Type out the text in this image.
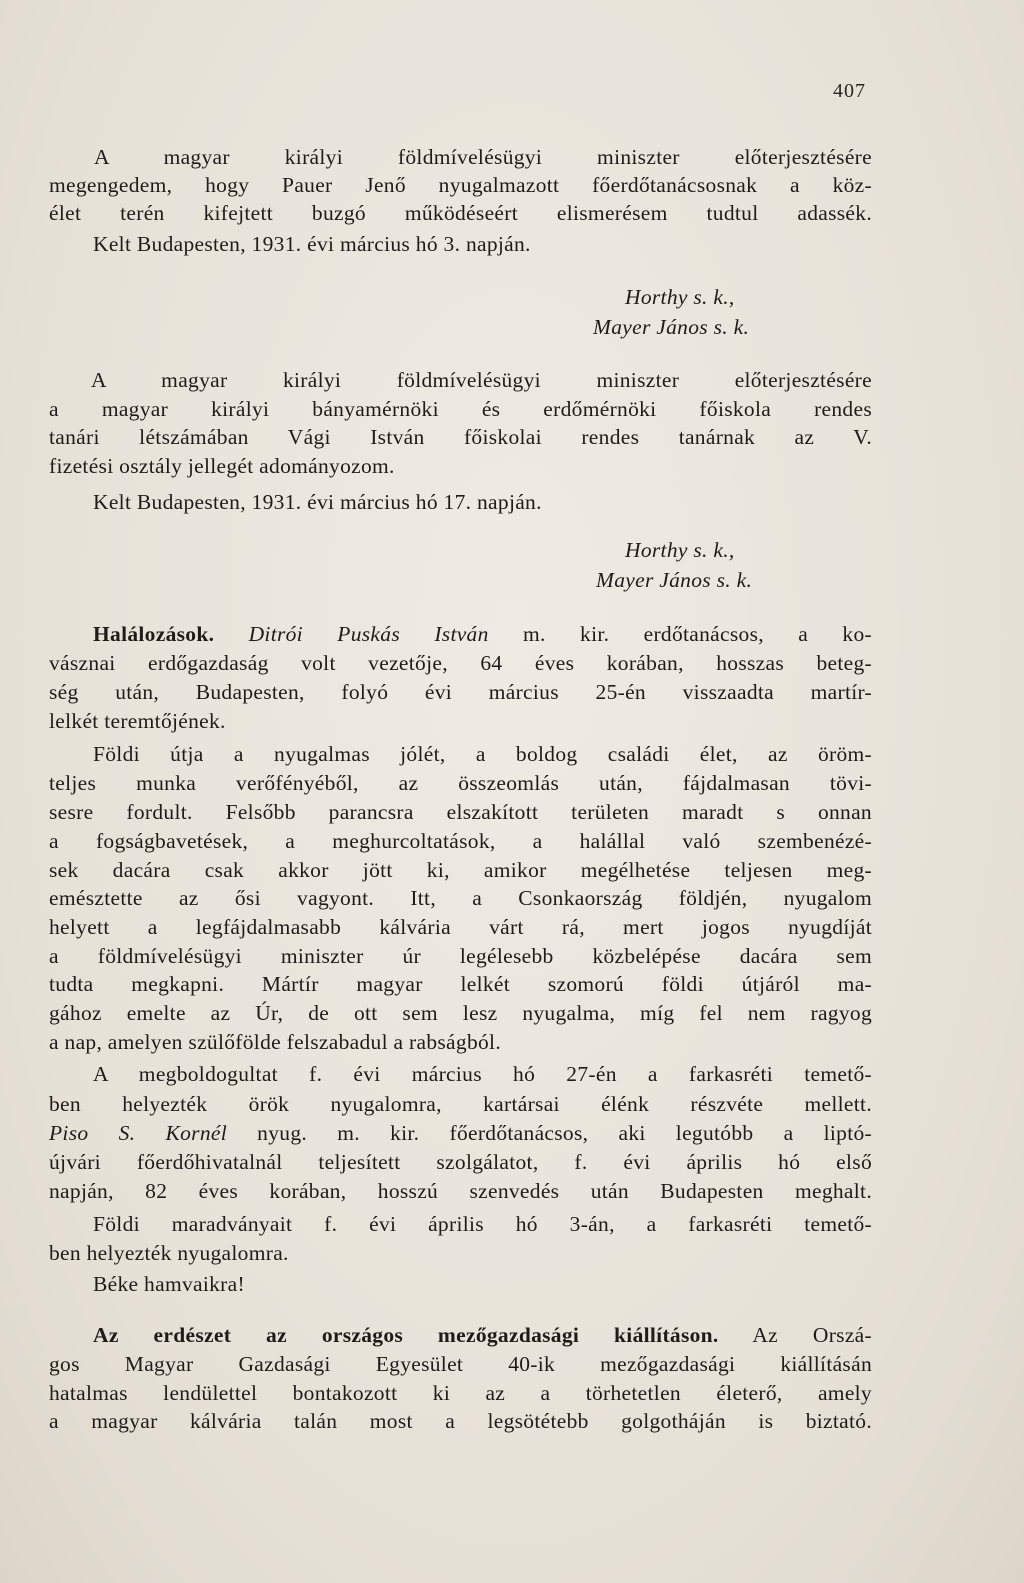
407
A magyar királyi földmívelésügyi miniszter előterjesztésére
megengedem, hogy Pauer Jenő nyugalmazott főerdőtanácsosnak a köz-
élet terén kifejtett buzgó működéseért elismerésem tudtul adassék.
Kelt Budapesten, 1931. évi március hó 3. napján.
Horthy s. k.,
Mayer János s. k.
A magyar királyi földmívelésügyi miniszter előterjesztésére
a magyar királyi bányamérnöki és erdőmérnöki főiskola rendes
tanári létszámában Vági István főiskolai rendes tanárnak az V.
fizetési osztály jellegét adományozom.
Kelt Budapesten, 1931. évi március hó 17. napján.
Horthy s. k.,
Mayer János s. k.
Halálozások. Ditrói Puskás István m. kir. erdőtanácsos, a ko-
vásznai erdőgazdaság volt vezetője, 64 éves korában, hosszas beteg-
ség után, Budapesten, folyó évi március 25-én visszaadta martír-
lelkét teremtőjének.
Földi útja a nyugalmas jólét, a boldog családi élet, az öröm-
teljes munka verőfényéből, az összeomlás után, fájdalmasan tövi-
sesre fordult. Felsőbb parancsra elszakított területen maradt s onnan
a fogságbavetések, a meghurcoltatások, a halállal való szembenézé-
sek dacára csak akkor jött ki, amikor megélhetése teljesen meg-
emésztette az ősi vagyont. Itt, a Csonkaország földjén, nyugalom
helyett a legfájdalmasabb kálvária várt rá, mert jogos nyugdíját
a földmívelésügyi miniszter úr legélesebb közbelépése dacára sem
tudta megkapni. Mártír magyar lelkét szomorú földi útjáról ma-
gához emelte az Úr, de ott sem lesz nyugalma, míg fel nem ragyog
a nap, amelyen szülőfölde felszabadul a rabságból.
A megboldogultat f. évi március hó 27-én a farkasréti temető-
ben helyezték örök nyugalomra, kartársai élénk részvéte mellett.
Piso S. Kornél nyug. m. kir. főerdőtanácsos, aki legutóbb a liptó-
újvári főerdőhivatalnál teljesített szolgálatot, f. évi április hó első
napján, 82 éves korában, hosszú szenvedés után Budapesten meghalt.
Földi maradványait f. évi április hó 3-án, a farkasréti temető-
ben helyezték nyugalomra.
Béke hamvaikra!
Az erdészet az országos mezőgazdasági kiállításon. Az Orszá-
gos Magyar Gazdasági Egyesület 40-ik mezőgazdasági kiállításán
hatalmas lendülettel bontakozott ki az a törhetetlen életerő, amely
a magyar kálvária talán most a legsötétebb golgotháján is biztató.
